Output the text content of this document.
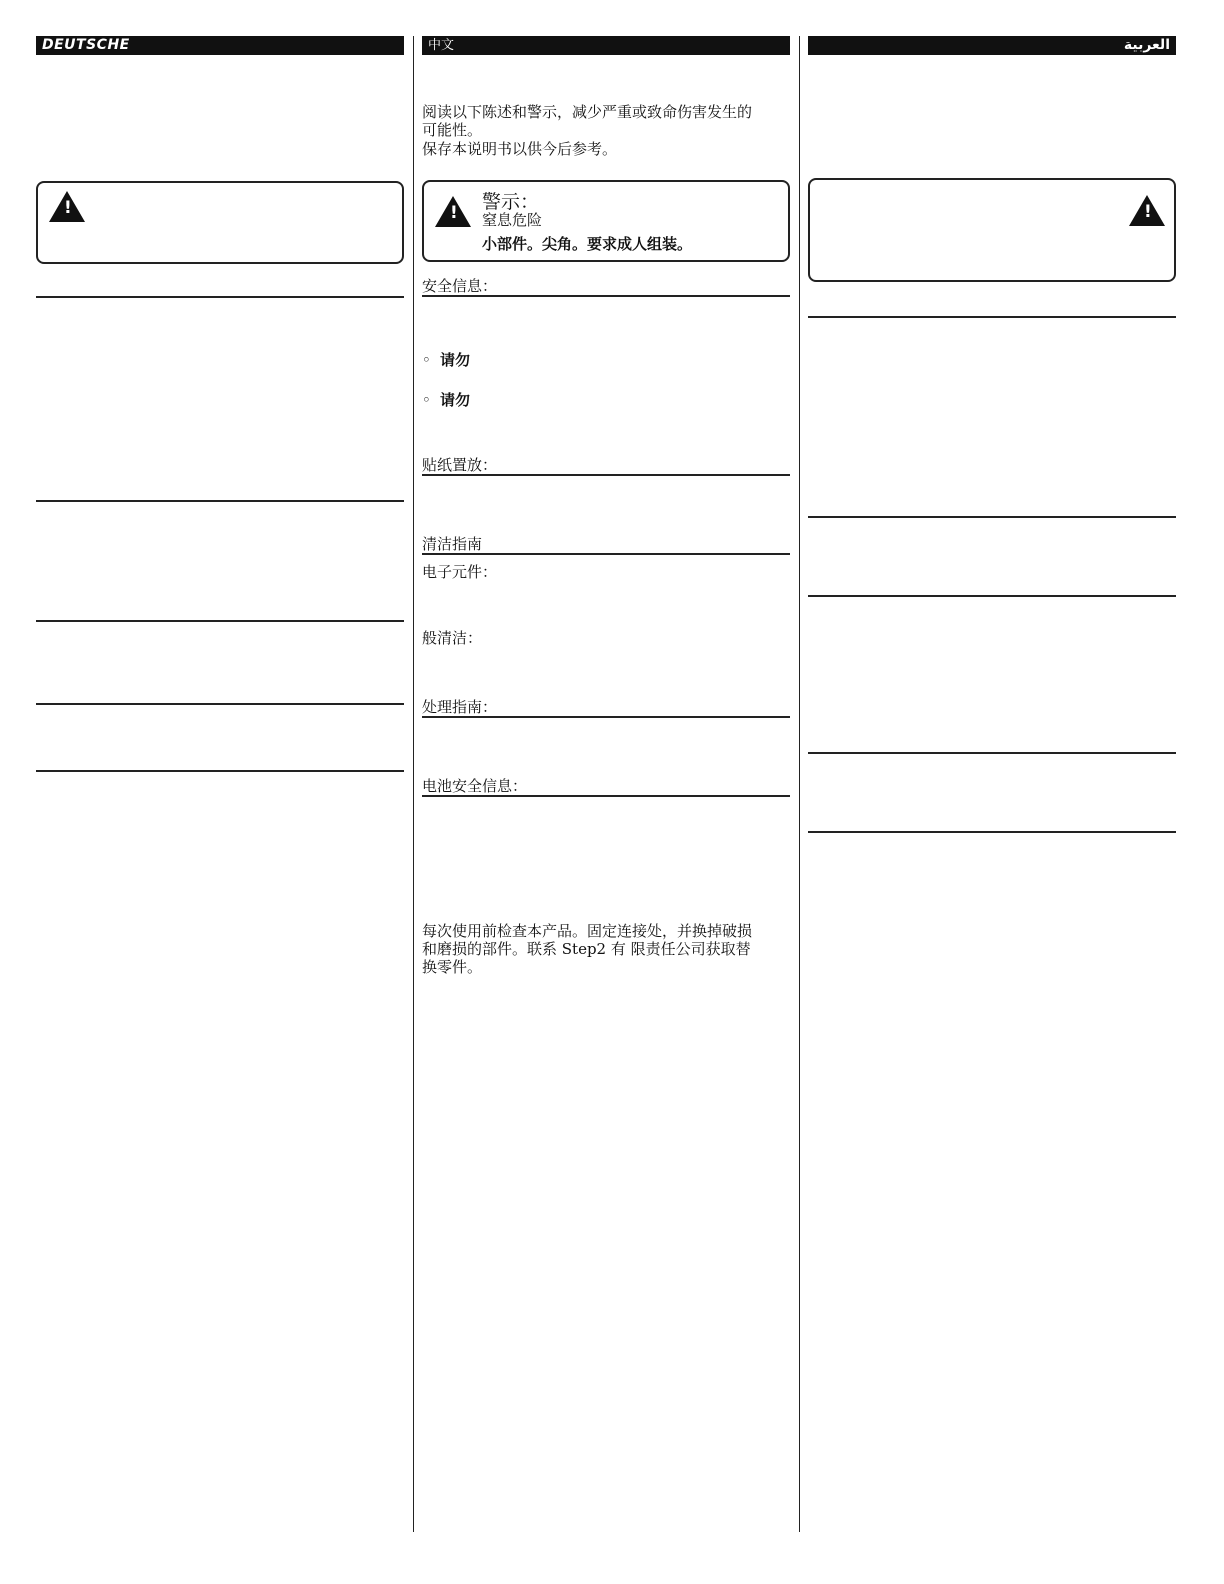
DEUTSCHE
!
中文
阅读以下陈述和警示，减少严重或致命伤害发生的
可能性。
保存本说明书以供今后参考。
! 警示：
窒息危险
小部件。尖角。要求成人组装。
安全信息：
◦ 请勿
◦ 请勿
贴纸置放：
清洁指南
电子元件：
般清洁：
处理指南：
电池安全信息：
每次使用前检查本产品。固定连接处，并换掉破损
和磨损的部件。联系 Step2 有 限责任公司获取替
换零件。
العربية
!
